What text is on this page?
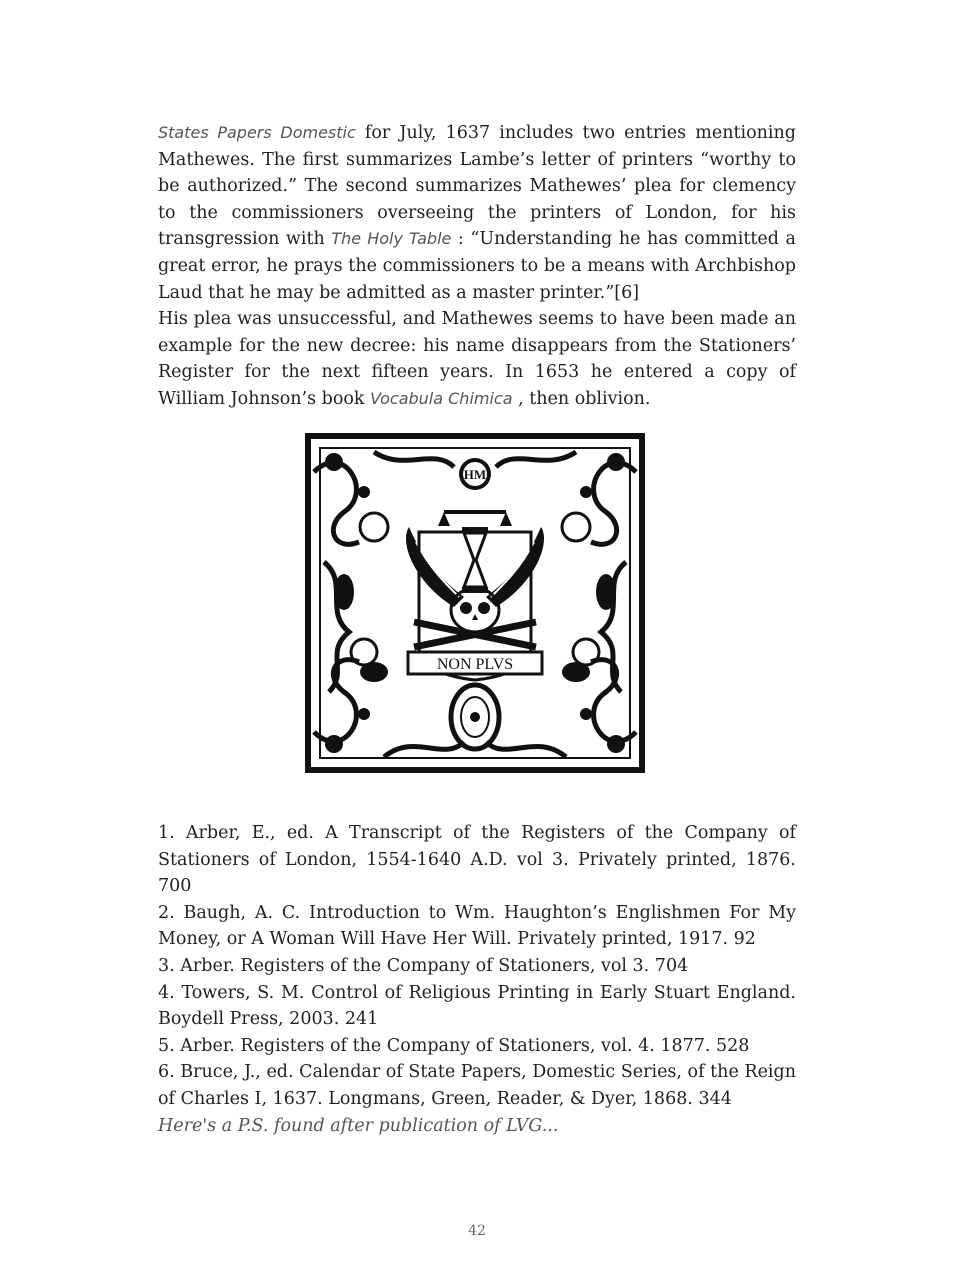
States Papers Domestic for July, 1637 includes two entries mentioning Mathewes. The first summarizes Lambe’s letter of printers “worthy to be authorized.” The second summarizes Mathewes’ plea for clemency to the commissioners overseeing the printers of London, for his transgression with The Holy Table : “Understanding he has committed a great error, he prays the commissioners to be a means with Archbishop Laud that he may be admitted as a master printer.”[6]

His plea was unsuccessful, and Mathewes seems to have been made an example for the new decree: his name disappears from the Stationers’ Register for the next fifteen years. In 1653 he entered a copy of William Johnson’s book Vocabula Chimica , then oblivion.

HM
NON PLVS

1. Arber, E., ed. A Transcript of the Registers of the Company of Stationers of London, 1554-1640 A.D. vol 3. Privately printed, 1876. 700

2. Baugh, A. C. Introduction to Wm. Haughton’s Englishmen For My Money, or A Woman Will Have Her Will. Privately printed, 1917. 92

3. Arber. Registers of the Company of Stationers, vol 3. 704

4. Towers, S. M. Control of Religious Printing in Early Stuart England. Boydell Press, 2003. 241

5. Arber. Registers of the Company of Stationers, vol. 4. 1877. 528

6. Bruce, J., ed. Calendar of State Papers, Domestic Series, of the Reign of Charles I, 1637. Longmans, Green, Reader, & Dyer, 1868. 344

Here's a P.S. found after publication of LVG...

42
